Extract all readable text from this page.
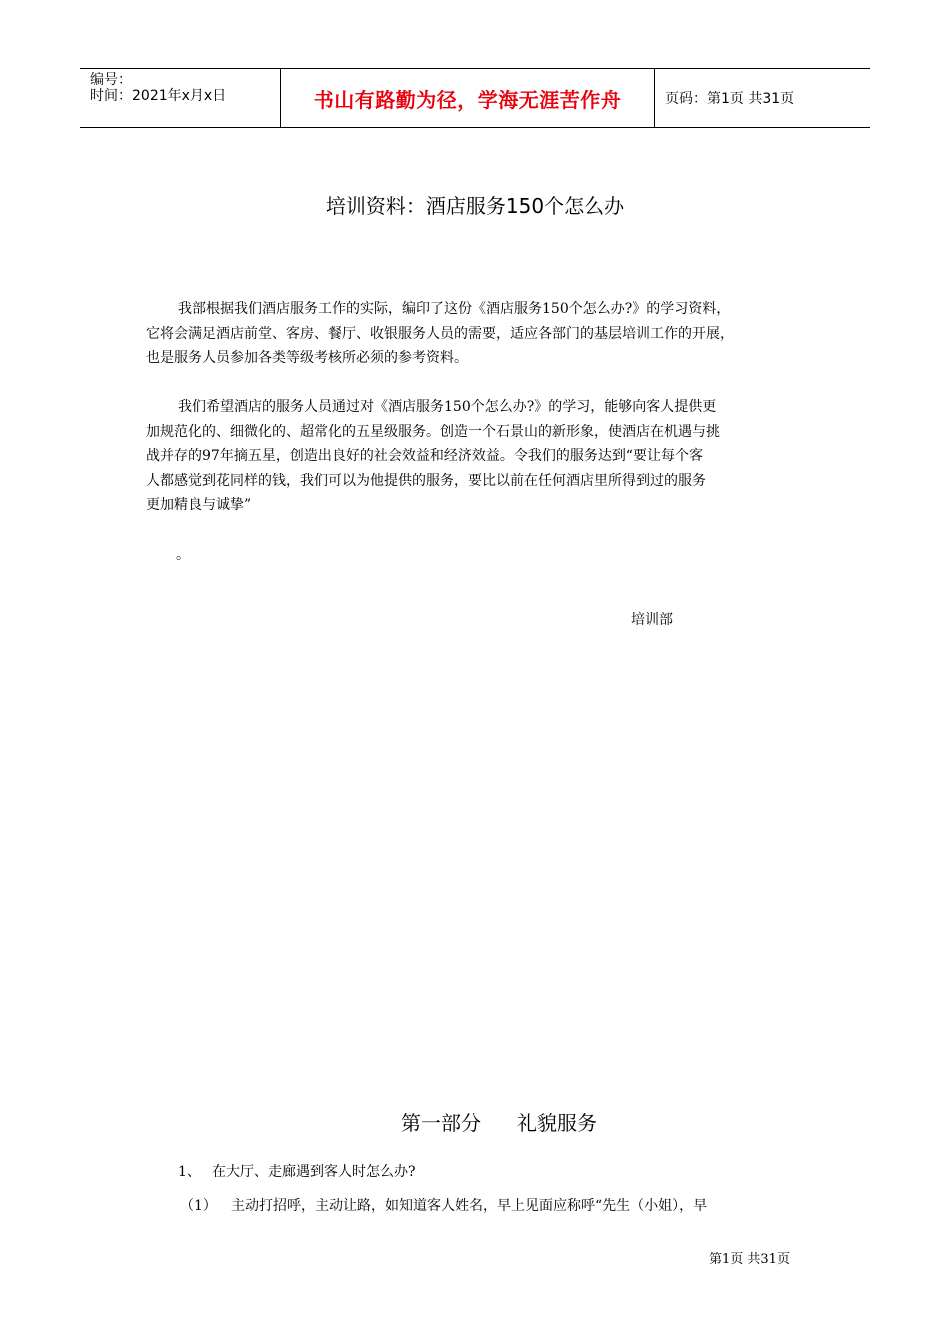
编号：
时间：2021年x月x日	书山有路勤为径，学海无涯苦作舟	页码：第1页 共31页
培训资料：酒店服务150个怎么办
我部根据我们酒店服务工作的实际，编印了这份《酒店服务150个怎么办?》的学习资料，
它将会满足酒店前堂、客房、餐厅、收银服务人员的需要，适应各部门的基层培训工作的开展，
也是服务人员参加各类等级考核所必须的参考资料。
我们希望酒店的服务人员通过对《酒店服务150个怎么办?》的学习，能够向客人提供更
加规范化的、细微化的、超常化的五星级服务。创造一个石景山的新形象，使酒店在机遇与挑
战并存的97年摘五星，创造出良好的社会效益和经济效益。令我们的服务达到“要让每个客
人都感觉到花同样的钱，我们可以为他提供的服务，要比以前在任何酒店里所得到过的服务
更加精良与诚挚”
。
培训部
第一部分 礼貌服务
1、 在大厅、走廊遇到客人时怎么办?
（1） 主动打招呼，主动让路，如知道客人姓名，早上见面应称呼“先生（小姐），早
第1页 共31页
